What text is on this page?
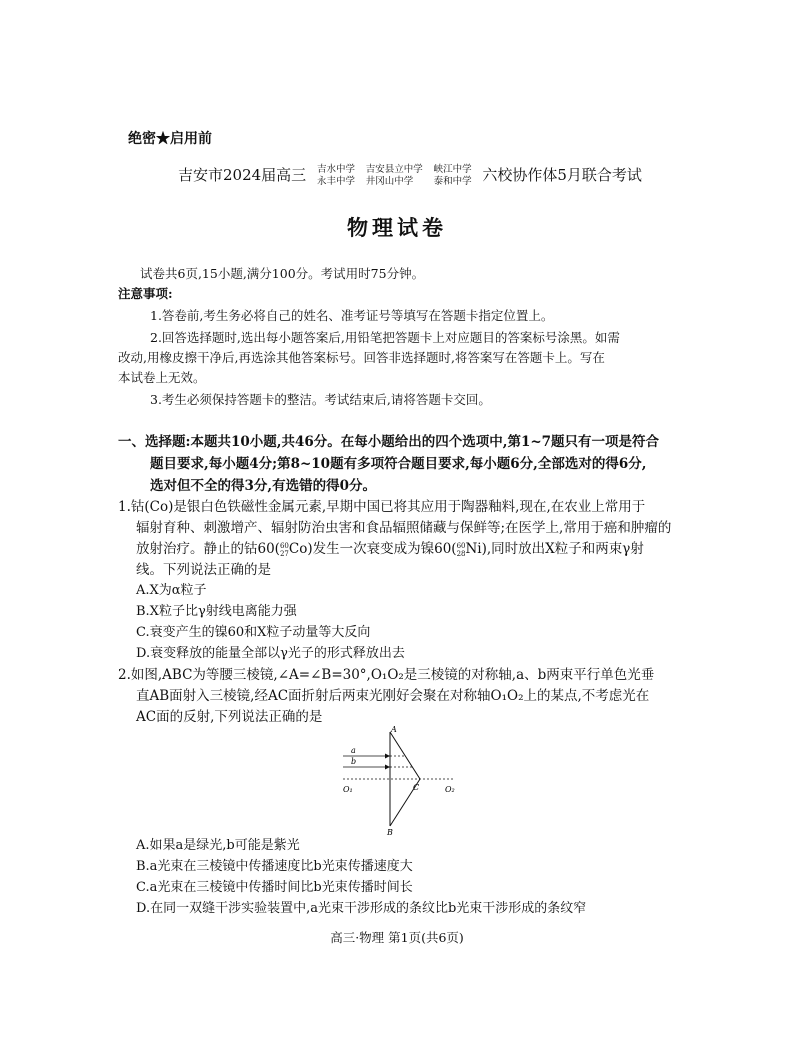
绝密★启用前
吉安市2024届高三 吉水中学
永丰中学 吉安县立中学
井冈山中学 峡江中学
泰和中学 六校协作体5月联合考试
物理试卷
试卷共6页,15小题,满分100分。考试用时75分钟。
注意事项:
1.答卷前,考生务必将自己的姓名、准考证号等填写在答题卡指定位置上。
2.回答选择题时,选出每小题答案后,用铅笔把答题卡上对应题目的答案标号涂黑。如需
改动,用橡皮擦干净后,再选涂其他答案标号。回答非选择题时,将答案写在答题卡上。写在
本试卷上无效。
3.考生必须保持答题卡的整洁。考试结束后,请将答题卡交回。
一、选择题:本题共10小题,共46分。在每小题给出的四个选项中,第1~7题只有一项是符合
题目要求,每小题4分;第8~10题有多项符合题目要求,每小题6分,全部选对的得6分,
选对但不全的得3分,有选错的得0分。
1.钴(Co)是银白色铁磁性金属元素,早期中国已将其应用于陶器釉料,现在,在农业上常用于
辐射育种、刺激增产、辐射防治虫害和食品辐照储藏与保鲜等;在医学上,常用于癌和肿瘤的
放射治疗。静止的钴60(60
27Co)发生一次衰变成为镍60(60
28Ni),同时放出X粒子和两束γ射
线。下列说法正确的是
A.X为α粒子
B.X粒子比γ射线电离能力强
C.衰变产生的镍60和X粒子动量等大反向
D.衰变释放的能量全部以γ光子的形式释放出去
2.如图,ABC为等腰三棱镜,∠A=∠B=30°,O₁O₂是三棱镜的对称轴,a、b两束平行单色光垂
直AB面射入三棱镜,经AC面折射后两束光刚好会聚在对称轴O₁O₂上的某点,不考虑光在
AC面的反射,下列说法正确的是
A
B
C
a
b
O₁	O₂
A.如果a是绿光,b可能是紫光
B.a光束在三棱镜中传播速度比b光束传播速度大
C.a光束在三棱镜中传播时间比b光束传播时间长
D.在同一双缝干涉实验装置中,a光束干涉形成的条纹比b光束干涉形成的条纹窄
高三·物理 第1页(共6页)
